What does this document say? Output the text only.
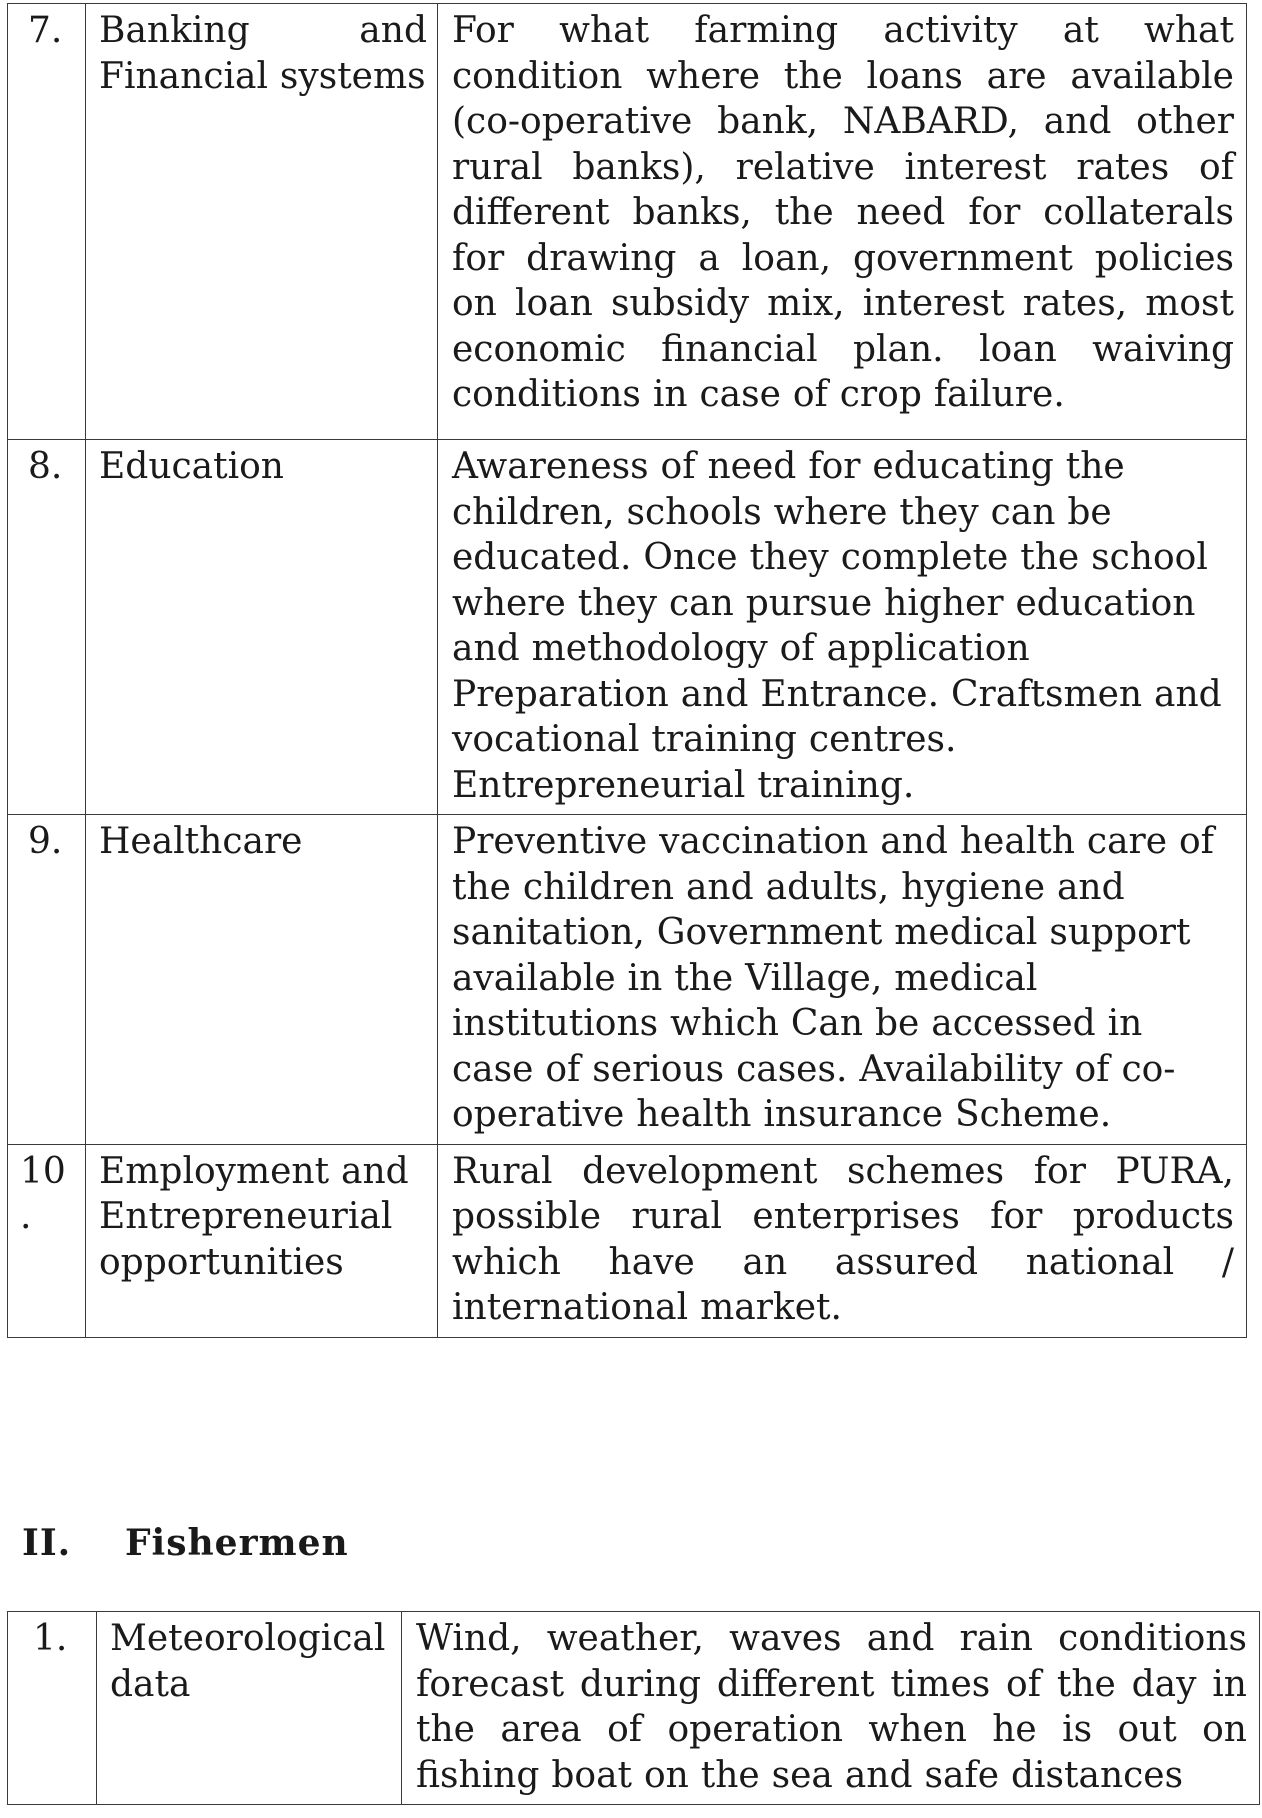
7.	Banking and Financial systems	For what farming activity at what condition where the loans are available (co-operative bank, NABARD, and other rural banks), relative interest rates of different banks, the need for collaterals for drawing a loan, government policies on loan subsidy mix, interest rates, most economic financial plan. loan waiving conditions in case of crop failure.
8.	Education	Awareness of need for educating the children, schools where they can be educated. Once they complete the school where they can pursue higher education and methodology of application Preparation and Entrance. Craftsmen and vocational training centres. Entrepreneurial training.
9.	Healthcare	Preventive vaccination and health care of the children and adults, hygiene and sanitation, Government medical support available in the Village, medical institutions which Can be accessed in case of serious cases. Availability of co-operative health insurance Scheme.
10 .	Employment and Entrepreneurial opportunities	Rural development schemes for PURA, possible rural enterprises for products which have an assured national / international market.
II. Fishermen
1.	Meteorological data	Wind, weather, waves and rain conditions forecast during different times of the day in the area of operation when he is out on fishing boat on the sea and safe distances
